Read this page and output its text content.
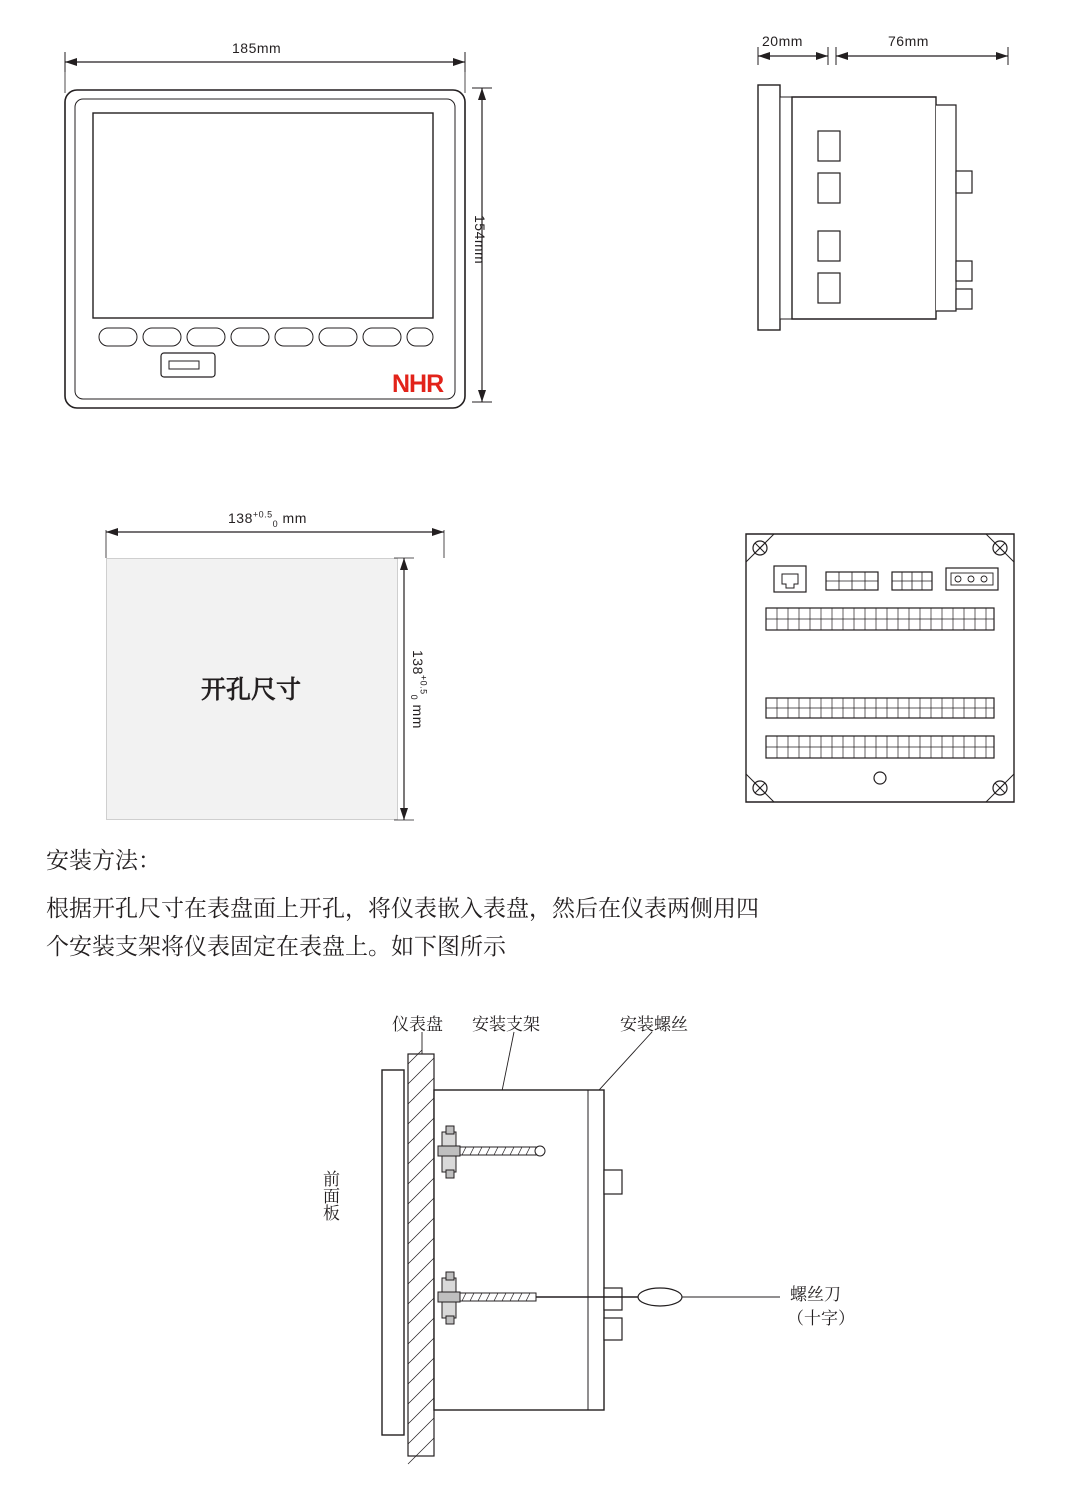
185mm
NHR
154mm
20mm	76mm
$138^{+0.5}_0$ mm
开孔尺寸
$138^{+0.5}_0$ mm
安装方法：
根据开孔尺寸在表盘面上开孔，将仪表嵌入表盘，然后在仪表两侧用四
个安装支架将仪表固定在表盘上。如下图所示
仪表盘 安装支架	安装螺丝
前面板
螺丝刀
（十字）
